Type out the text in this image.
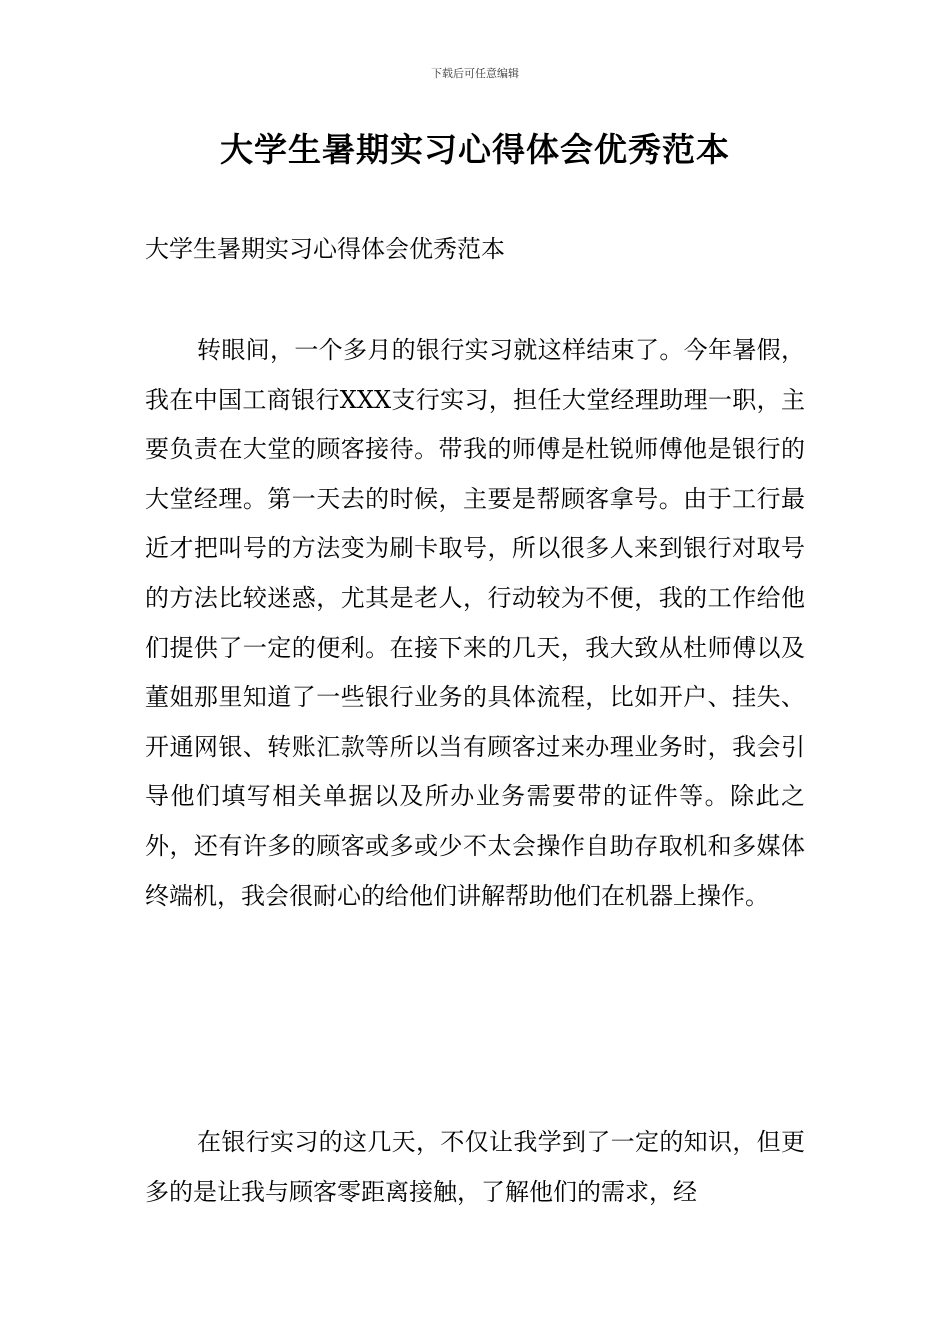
下载后可任意编辑
大学生暑期实习心得体会优秀范本
大学生暑期实习心得体会优秀范本

转眼间，一个多月的银行实习就这样结束了。今年暑假，我在中国工商银行XXX支行实习，担任大堂经理助理一职，主要负责在大堂的顾客接待。带我的师傅是杜锐师傅他是银行的大堂经理。第一天去的时候，主要是帮顾客拿号。由于工行最近才把叫号的方法变为刷卡取号，所以很多人来到银行对取号的方法比较迷惑，尤其是老人，行动较为不便，我的工作给他们提供了一定的便利。在接下来的几天，我大致从杜师傅以及董姐那里知道了一些银行业务的具体流程，比如开户、挂失、开通网银、转账汇款等所以当有顾客过来办理业务时，我会引导他们填写相关单据以及所办业务需要带的证件等。除此之外，还有许多的顾客或多或少不太会操作自助存取机和多媒体终端机，我会很耐心的给他们讲解帮助他们在机器上操作。

在银行实习的这几天，不仅让我学到了一定的知识，但更多的是让我与顾客零距离接触，了解他们的需求，经
